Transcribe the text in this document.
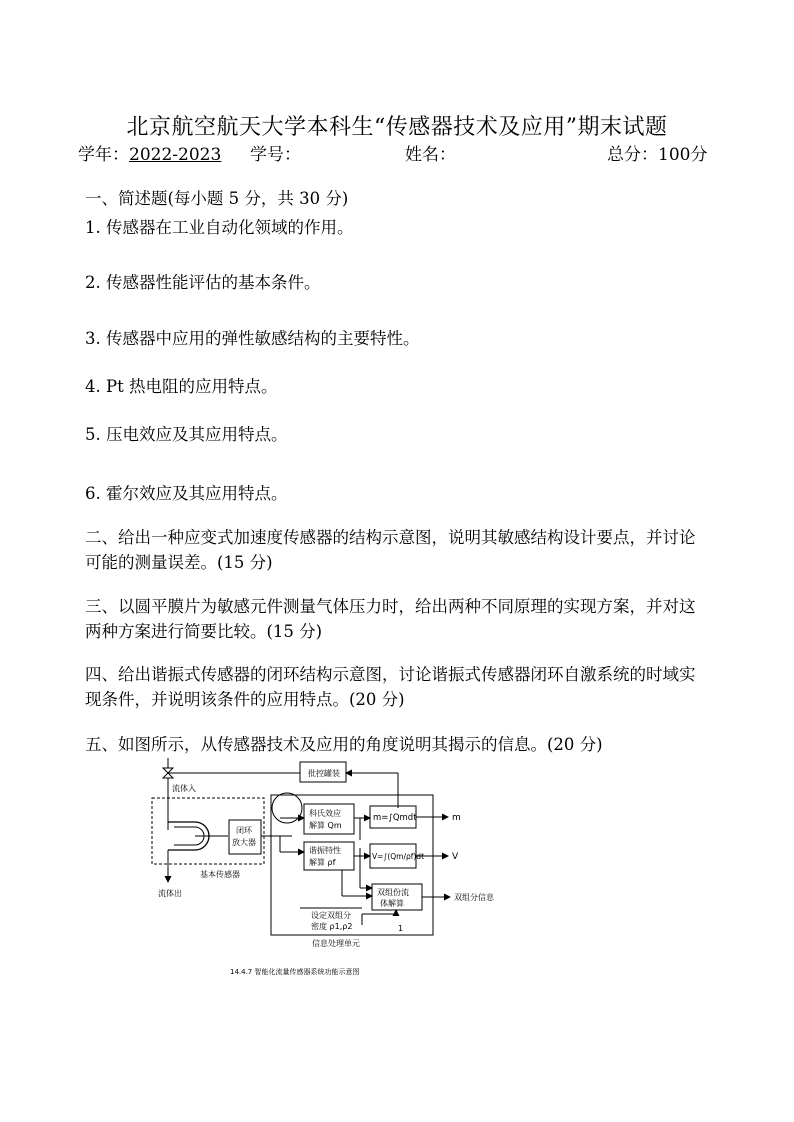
北京航空航天大学本科生“传感器技术及应用”期末试题
学年：2022-2023 学号：	姓名：	总分：100分
一、简述题(每小题 5 分，共 30 分)
1. 传感器在工业自动化领域的作用。
2. 传感器性能评估的基本条件。
3. 传感器中应用的弹性敏感结构的主要特性。
4. Pt 热电阻的应用特点。
5. 压电效应及其应用特点。
6. 霍尔效应及其应用特点。
二、给出一种应变式加速度传感器的结构示意图，说明其敏感结构设计要点，并讨论可能的测量误差。(15 分)
三、以圆平膜片为敏感元件测量气体压力时，给出两种不同原理的实现方案，并对这两种方案进行简要比较。(15 分)
四、给出谐振式传感器的闭环结构示意图，讨论谐振式传感器闭环自激系统的时域实现条件，并说明该条件的应用特点。(20 分)
五、如图所示，从传感器技术及应用的角度说明其揭示的信息。(20 分)
流体入
流体出
批控罐装
闭环
放大器
基本传感器
科氏效应
解算 Qm
谐振特性
解算 ρf
m=∫Qmdt
V=∫(Qm/ρf)dt
m
V
双组份流
体解算
双组分信息
设定双组分
密度 ρ1,ρ2	1
信息处理单元
14.4.7 智能化流量传感器系统功能示意图
